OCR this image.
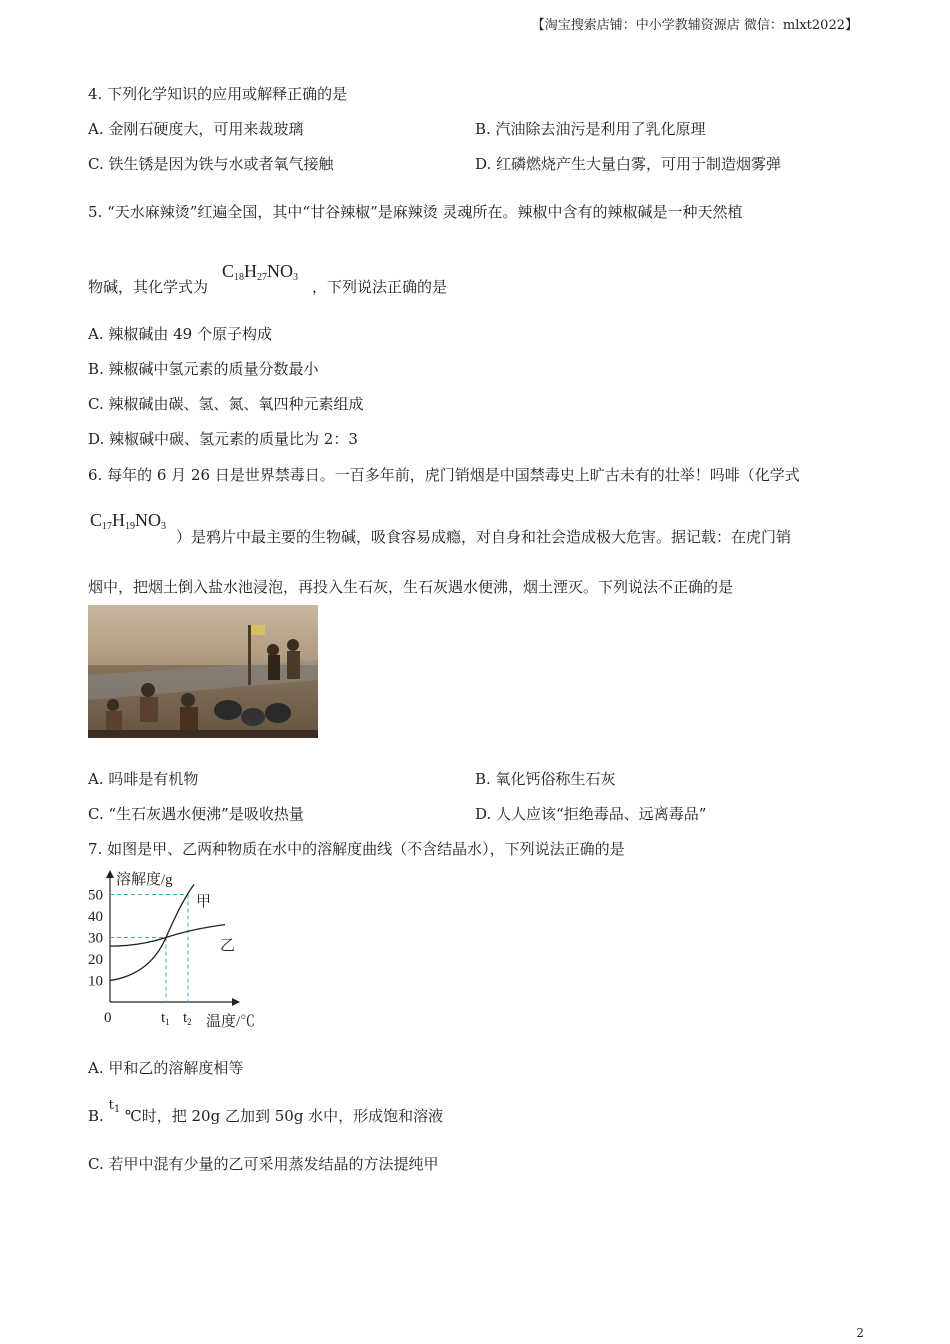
【淘宝搜索店铺：中小学教辅资源店 微信：mlxt2022】
4. 下列化学知识的应用或解释正确的是
A. 金刚石硬度大，可用来裁玻璃	B. 汽油除去油污是利用了乳化原理
C. 铁生锈是因为铁与水或者氧气接触	D. 红磷燃烧产生大量白雾，可用于制造烟雾弹
5. “天水麻辣烫”红遍全国，其中“甘谷辣椒”是麻辣烫 灵魂所在。辣椒中含有的辣椒碱是一种天然植
物碱，其化学式为
$C_{18}H_{27}NO_3$
，下列说法正确的是
A. 辣椒碱由 49 个原子构成
B. 辣椒碱中氢元素的质量分数最小
C. 辣椒碱由碳、氢、氮、氧四种元素组成
D. 辣椒碱中碳、氢元素的质量比为 2：3
6. 每年的 6 月 26 日是世界禁毒日。一百多年前，虎门销烟是中国禁毒史上旷古未有的壮举！吗啡（化学式
$C_{17}H_{19}NO_3$
）是鸦片中最主要的生物碱，吸食容易成瘾，对自身和社会造成极大危害。据记载：在虎门销
烟中，把烟土倒入盐水池浸泡，再投入生石灰，生石灰遇水便沸，烟土湮灭。下列说法不正确的是
A. 吗啡是有机物	B. 氧化钙俗称生石灰
C. “生石灰遇水便沸”是吸收热量	D. 人人应该“拒绝毒品、远离毒品”
7. 如图是甲、乙两种物质在水中的溶解度曲线（不含结晶水），下列说法正确的是
溶解度/g
温度/℃
0
50
40
30
20
10
$t_1$ $t_2$
甲
乙
A. 甲和乙的溶解度相等
B. $t^1$ ℃时，把 20g 乙加到 50g 水中，形成饱和溶液
C. 若甲中混有少量的乙可采用蒸发结晶的方法提纯甲
2
